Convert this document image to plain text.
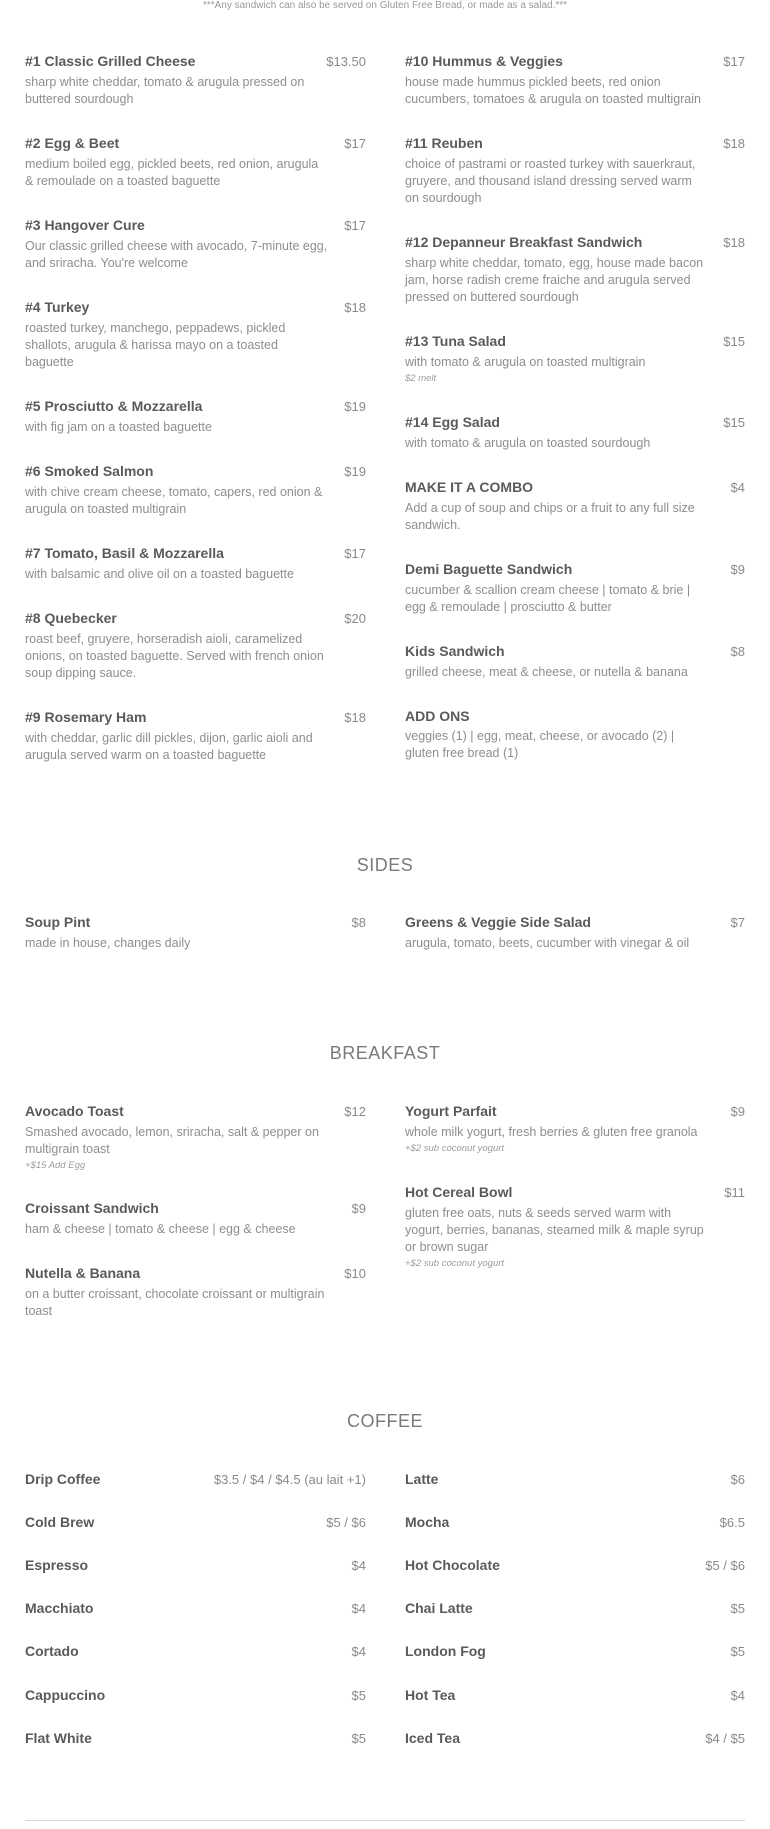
***Any sandwich can also be served on Gluten Free Bread, or made as a salad.***
#1 Classic Grilled Cheese	$13.50
sharp white cheddar, tomato & arugula pressed on buttered sourdough
#2 Egg & Beet	$17
medium boiled egg, pickled beets, red onion, arugula & remoulade on a toasted baguette
#3 Hangover Cure	$17
Our classic grilled cheese with avocado, 7-minute egg, and sriracha. You're welcome
#4 Turkey	$18
roasted turkey, manchego, peppadews, pickled shallots, arugula & harissa mayo on a toasted baguette
#5 Prosciutto & Mozzarella	$19
with fig jam on a toasted baguette
#6 Smoked Salmon	$19
with chive cream cheese, tomato, capers, red onion & arugula on toasted multigrain
#7 Tomato, Basil & Mozzarella	$17
with balsamic and olive oil on a toasted baguette
#8 Quebecker	$20
roast beef, gruyere, horseradish aioli, caramelized onions, on toasted baguette. Served with french onion soup dipping sauce.
#9 Rosemary Ham	$18
with cheddar, garlic dill pickles, dijon, garlic aioli and arugula served warm on a toasted baguette
#10 Hummus & Veggies	$17
house made hummus pickled beets, red onion cucumbers, tomatoes & arugula on toasted multigrain
#11 Reuben	$18
choice of pastrami or roasted turkey with sauerkraut, gruyere, and thousand island dressing served warm on sourdough
#12 Depanneur Breakfast Sandwich	$18
sharp white cheddar, tomato, egg, house made bacon jam, horse radish creme fraiche and arugula served pressed on buttered sourdough
#13 Tuna Salad	$15
with tomato & arugula on toasted multigrain
$2 melt
#14 Egg Salad	$15
with tomato & arugula on toasted sourdough
MAKE IT A COMBO	$4
Add a cup of soup and chips or a fruit to any full size sandwich.
Demi Baguette Sandwich	$9
cucumber & scallion cream cheese | tomato & brie | egg & remoulade | prosciutto & butter
Kids Sandwich	$8
grilled cheese, meat & cheese, or nutella & banana
ADD ONS
veggies (1) | egg, meat, cheese, or avocado (2) | gluten free bread (1)
SIDES
Soup Pint	$8
made in house, changes daily
Greens & Veggie Side Salad	$7
arugula, tomato, beets, cucumber with vinegar & oil
BREAKFAST
Avocado Toast	$12
Smashed avocado, lemon, sriracha, salt & pepper on multigrain toast
+$15 Add Egg
Croissant Sandwich	$9
ham & cheese | tomato & cheese | egg & cheese
Nutella & Banana	$10
on a butter croissant, chocolate croissant or multigrain toast
Yogurt Parfait	$9
whole milk yogurt, fresh berries & gluten free granola
+$2 sub coconut yogurt
Hot Cereal Bowl	$11
gluten free oats, nuts & seeds served warm with yogurt, berries, bananas, steamed milk & maple syrup or brown sugar
+$2 sub coconut yogurt
COFFEE
Drip Coffee	$3.5 / $4 / $4.5 (au lait +1)
Cold Brew	$5 / $6
Espresso	$4
Macchiato	$4
Cortado	$4
Cappuccino	$5
Flat White	$5
Latte	$6
Mocha	$6.5
Hot Chocolate	$5 / $6
Chai Latte	$5
London Fog	$5
Hot Tea	$4
Iced Tea	$4 / $5
